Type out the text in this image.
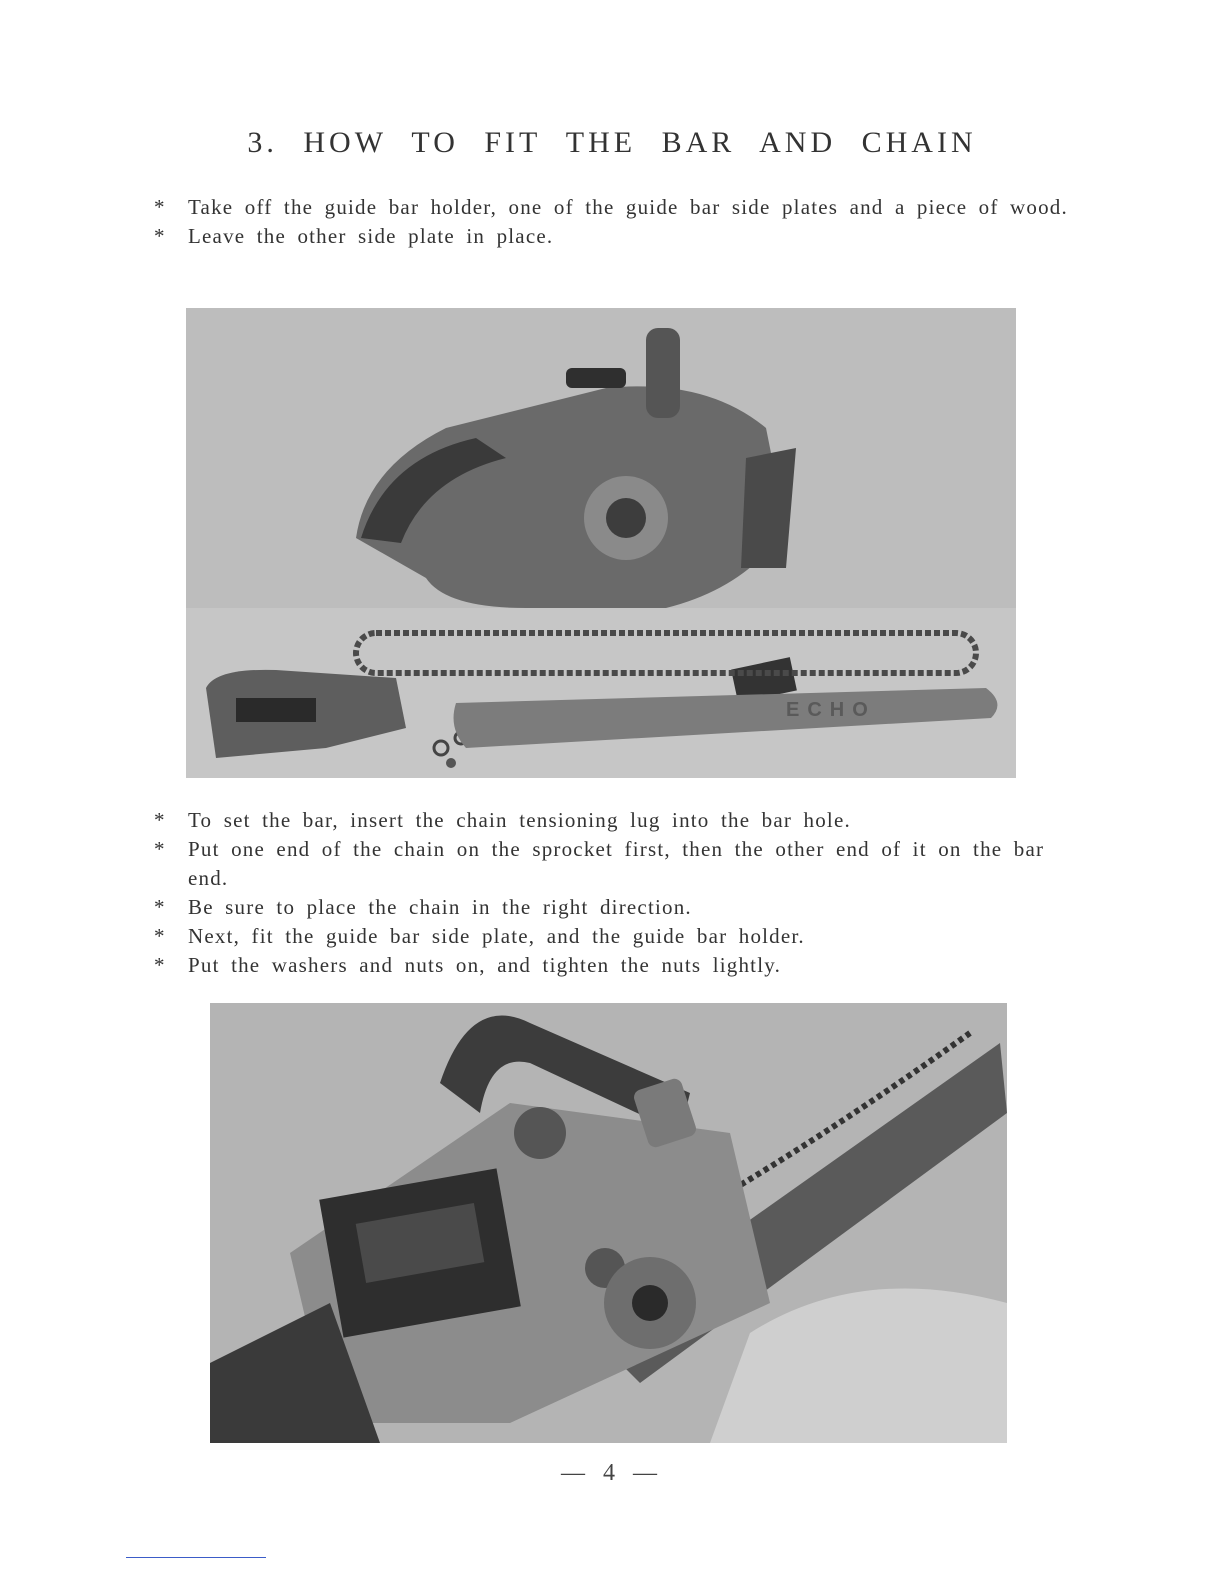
3. HOW TO FIT THE BAR AND CHAIN
* Take off the guide bar holder, one of the guide bar side plates and a piece of wood.
* Leave the other side plate in place.
ECHO
* To set the bar, insert the chain tensioning lug into the bar hole.
* Put one end of the chain on the sprocket first, then the other end of it on the bar end.
* Be sure to place the chain in the right direction.
* Next, fit the guide bar side plate, and the guide bar holder.
* Put the washers and nuts on, and tighten the nuts lightly.
— 4 —
